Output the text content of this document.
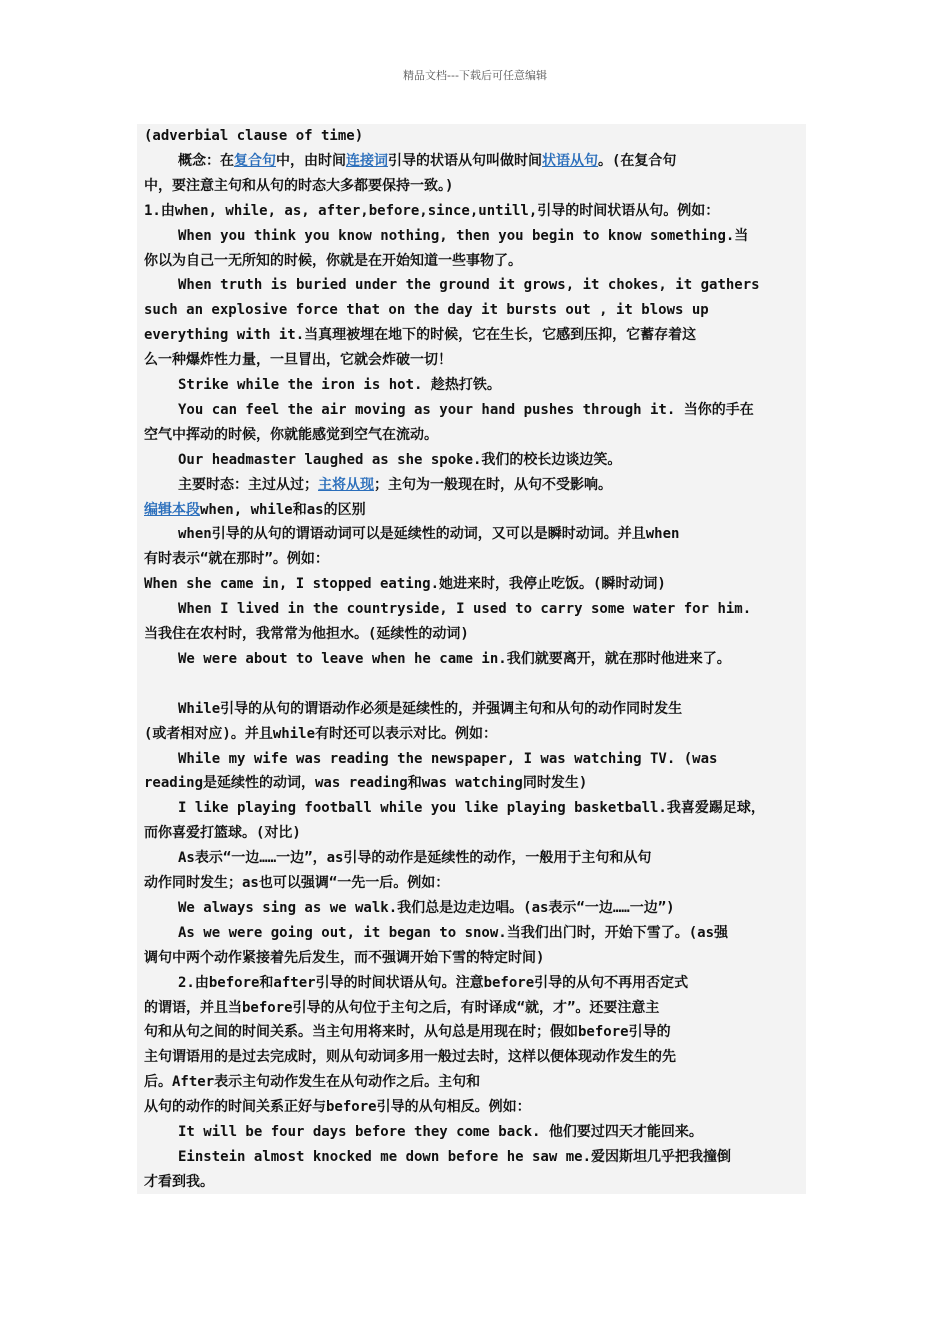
精品文档---下载后可任意编辑
(adverbial clause of time)
概念：在复合句中，由时间连接词引导的状语从句叫做时间状语从句。(在复合句
中，要注意主句和从句的时态大多都要保持一致。)
1.由when, while, as, after,before,since,untill,引导的时间状语从句。例如：
When you think you know nothing, then you begin to know something.当
你以为自己一无所知的时候，你就是在开始知道一些事物了。
When truth is buried under the ground it grows, it chokes, it gathers
such an explosive force that on the day it bursts out , it blows up
everything with it.当真理被埋在地下的时候，它在生长，它感到压抑，它蓄存着这
么一种爆炸性力量，一旦冒出，它就会炸破一切！
Strike while the iron is hot. 趁热打铁。
You can feel the air moving as your hand pushes through it. 当你的手在
空气中挥动的时候，你就能感觉到空气在流动。
Our headmaster laughed as she spoke.我们的校长边谈边笑。
主要时态：主过从过；主将从现；主句为一般现在时，从句不受影响。
编辑本段when, while和as的区别
when引导的从句的谓语动词可以是延续性的动词，又可以是瞬时动词。并且when
有时表示“就在那时”。例如：
When she came in, I stopped eating.她进来时，我停止吃饭。(瞬时动词)
When I lived in the countryside, I used to carry some water for him.
当我住在农村时，我常常为他担水。(延续性的动词)
We were about to leave when he came in.我们就要离开，就在那时他进来了。
While引导的从句的谓语动作必须是延续性的，并强调主句和从句的动作同时发生
(或者相对应)。并且while有时还可以表示对比。例如：
While my wife was reading the newspaper, I was watching TV. (was
reading是延续性的动词，was reading和was watching同时发生)
I like playing football while you like playing basketball.我喜爱踢足球，
而你喜爱打篮球。(对比)
As表示“一边……一边”，as引导的动作是延续性的动作，一般用于主句和从句
动作同时发生；as也可以强调“一先一后。例如：
We always sing as we walk.我们总是边走边唱。(as表示“一边……一边”)
As we were going out, it began to snow.当我们出门时，开始下雪了。(as强
调句中两个动作紧接着先后发生，而不强调开始下雪的特定时间)
2.由before和after引导的时间状语从句。注意before引导的从句不再用否定式
的谓语，并且当before引导的从句位于主句之后，有时译成“就，才”。还要注意主
句和从句之间的时间关系。当主句用将来时，从句总是用现在时；假如before引导的
主句谓语用的是过去完成时，则从句动词多用一般过去时，这样以便体现动作发生的先
后。After表示主句动作发生在从句动作之后。主句和
从句的动作的时间关系正好与before引导的从句相反。例如：
It will be four days before they come back. 他们要过四天才能回来。
Einstein almost knocked me down before he saw me.爱因斯坦几乎把我撞倒
才看到我。
